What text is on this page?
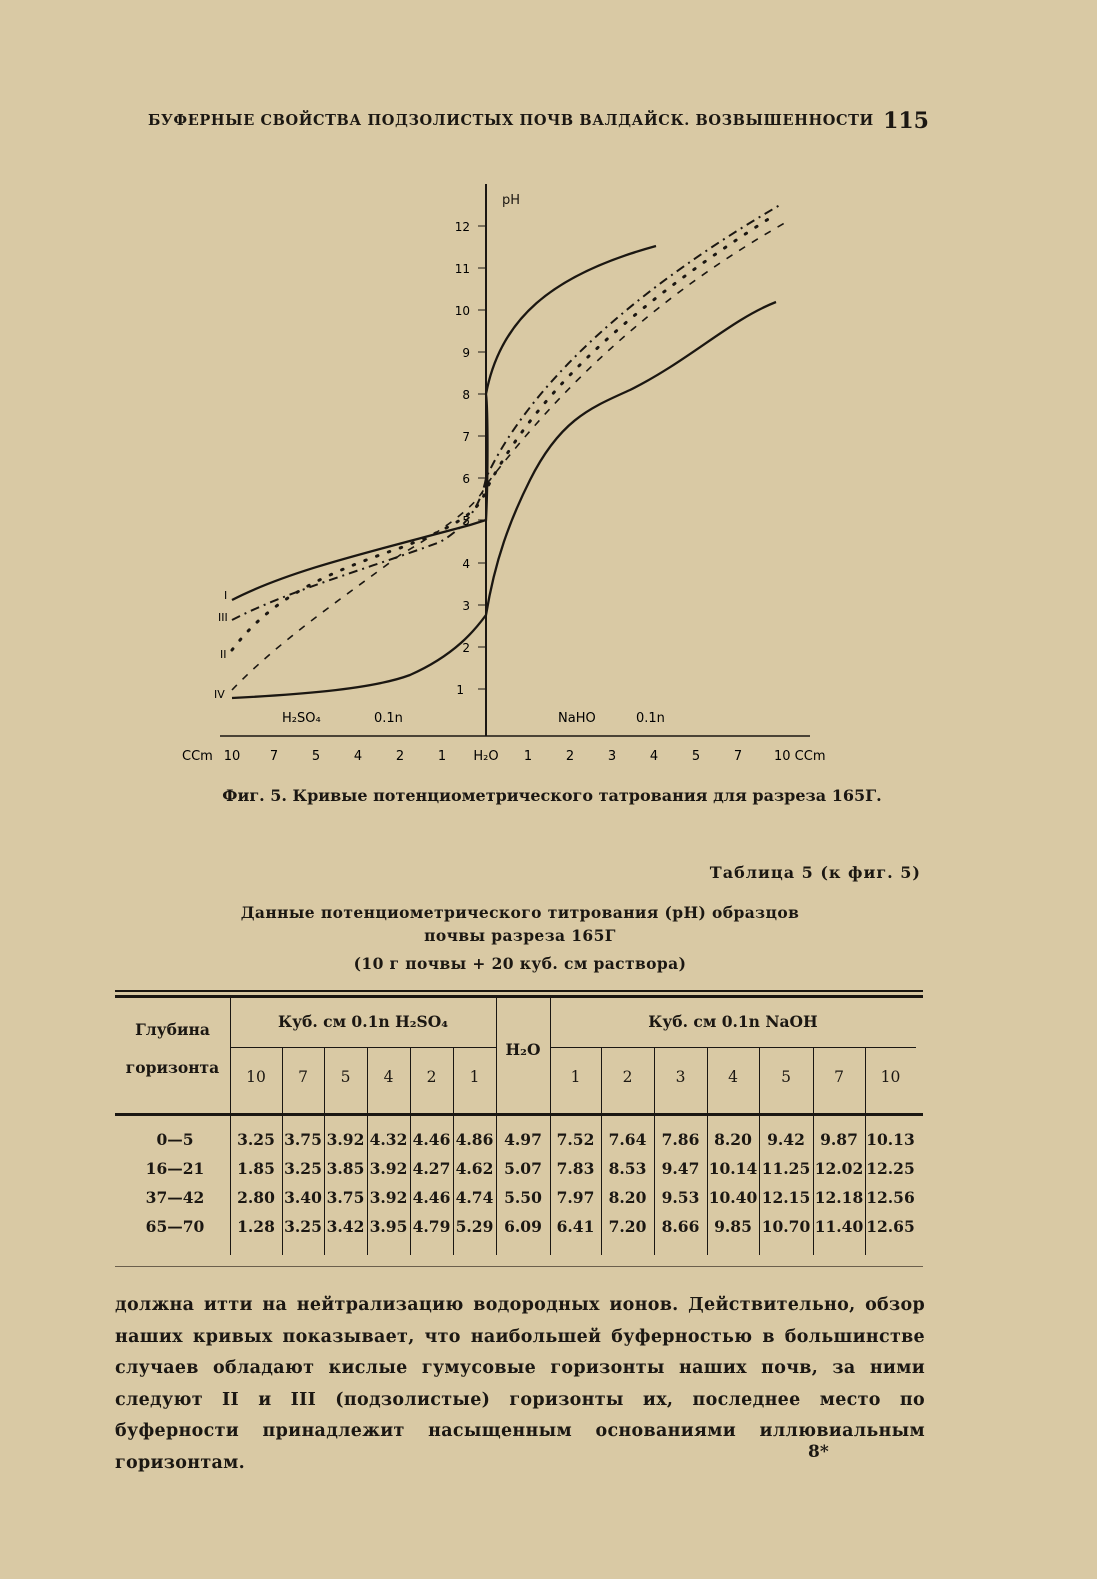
БУФЕРНЫЕ СВОЙСТВА ПОДЗОЛИСТЫХ ПОЧВ ВАЛДАЙСК. ВОЗВЫШЕННОСТИ 115
pH
1
2
3
4
5
6
7
8
9
10
11
12
H₂SO₄	0.1n	NaHO	0.1n
CCm 10 7	5	4	2	1 H₂O 1	2	3	4	5	7 10 CCm
I
III
II
IV
Фиг. 5. Кривые потенциометрического татрования для разреза 165Г.
Таблица 5 (к фиг. 5)
Данные потенциометрического титрования (pH) образцов
почвы разреза 165Г
(10 г почвы + 20 куб. см раствора)
Глубина
горизонта
Куб. см 0.1n H₂SO₄
H₂O
Куб. см 0.1n NaOH
10	7	5	4	2	1	1	2	3	4	5	7	10
0—5	3.25 3.75 3.92 4.32 4.46 4.86 4.97 7.52 7.64 7.86 8.20 9.42 9.87 10.13
16—21	1.85 3.25 3.85 3.92 4.27 4.62 5.07 7.83 8.53 9.47 10.14 11.25 12.02 12.25
37—42	2.80 3.40 3.75 3.92 4.46 4.74 5.50 7.97 8.20 9.53 10.40 12.15 12.18 12.56
65—70	1.28 3.25 3.42 3.95 4.79 5.29 6.09 6.41 7.20 8.66 9.85 10.70 11.40 12.65
должна итти на нейтрализацию водородных ионов. Действительно, обзор наших кривых показывает, что наибольшей буферностью в большинстве случаев обладают кислые гумусовые горизонты наших почв, за ними следуют II и III (подзолистые) горизонты их, последнее место по буферности принадлежит насыщенным основаниями иллювиальным горизонтам.
8*
